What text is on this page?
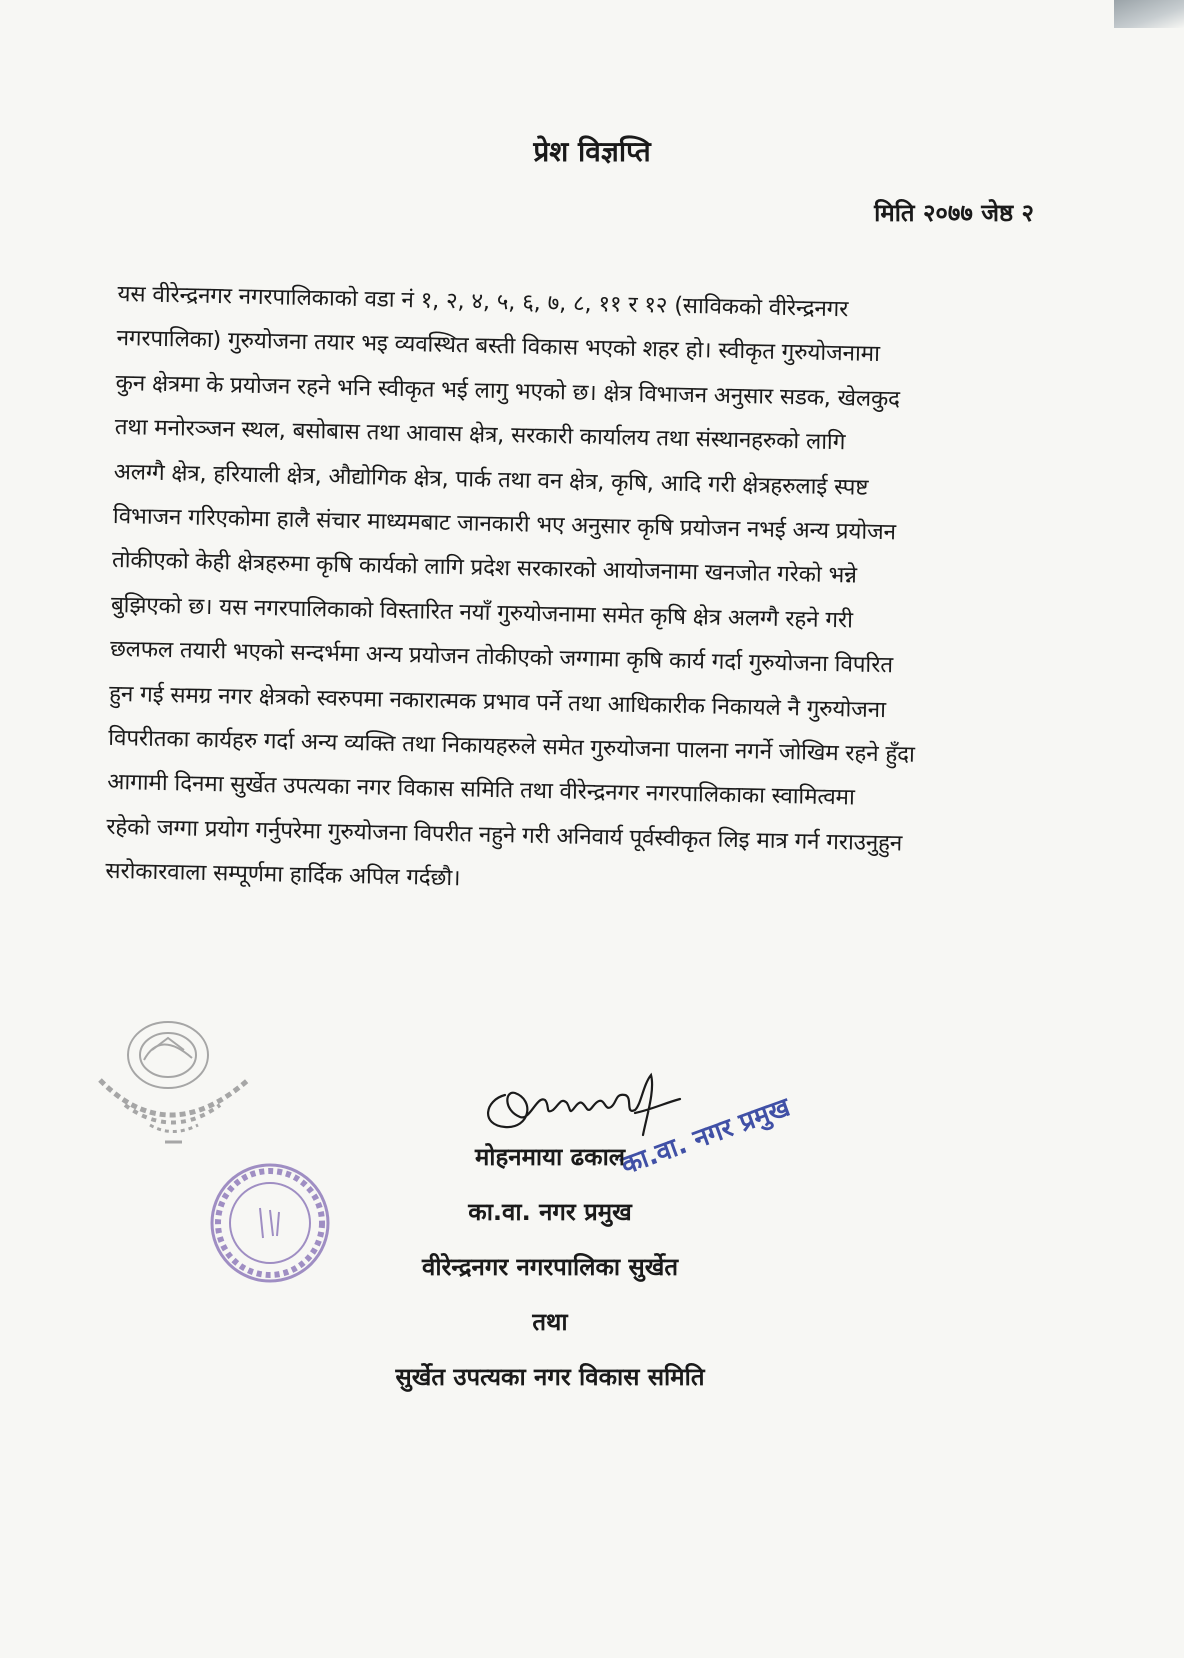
प्रेश विज्ञप्ति
मिति २०७७ जेष्ठ २
यस वीरेन्द्रनगर नगरपालिकाको वडा नं १, २, ४, ५, ६, ७, ८, ११ र १२ (साविकको वीरेन्द्रनगर
नगरपालिका) गुरुयोजना तयार भइ व्यवस्थित बस्ती विकास भएको शहर हो। स्वीकृत गुरुयोजनामा
कुन क्षेत्रमा के प्रयोजन रहने भनि स्वीकृत भई लागु भएको छ। क्षेत्र विभाजन अनुसार सडक, खेलकुद
तथा मनोरञ्जन स्थल, बसोबास तथा आवास क्षेत्र, सरकारी कार्यालय तथा संस्थानहरुको लागि
अलग्गै क्षेत्र, हरियाली क्षेत्र, औद्योगिक क्षेत्र, पार्क तथा वन क्षेत्र, कृषि, आदि गरी क्षेत्रहरुलाई स्पष्ट
विभाजन गरिएकोमा हालै संचार माध्यमबाट जानकारी भए अनुसार कृषि प्रयोजन नभई अन्य प्रयोजन
तोकीएको केही क्षेत्रहरुमा कृषि कार्यको लागि प्रदेश सरकारको आयोजनामा खनजोत गरेको भन्ने
बुझिएको छ। यस नगरपालिकाको विस्तारित नयाँ गुरुयोजनामा समेत कृषि क्षेत्र अलग्गै रहने गरी
छलफल तयारी भएको सन्दर्भमा अन्य प्रयोजन तोकीएको जग्गामा कृषि कार्य गर्दा गुरुयोजना विपरित
हुन गई समग्र नगर क्षेत्रको स्वरुपमा नकारात्मक प्रभाव पर्ने तथा आधिकारीक निकायले नै गुरुयोजना
विपरीतका कार्यहरु गर्दा अन्य व्यक्ति तथा निकायहरुले समेत गुरुयोजना पालना नगर्ने जोखिम रहने हुँदा
आगामी दिनमा सुर्खेत उपत्यका नगर विकास समिति तथा वीरेन्द्रनगर नगरपालिकाका स्वामित्वमा
रहेको जग्गा प्रयोग गर्नुपरेमा गुरुयोजना विपरीत नहुने गरी अनिवार्य पूर्वस्वीकृत लिइ मात्र गर्न गराउनुहुन
सरोकारवाला सम्पूर्णमा हार्दिक अपिल गर्दछौ।
का.वा. नगर प्रमुख
मोहनमाया ढकाल
का.वा. नगर प्रमुख
वीरेन्द्रनगर नगरपालिका सुर्खेत
तथा
सुर्खेत उपत्यका नगर विकास समिति
